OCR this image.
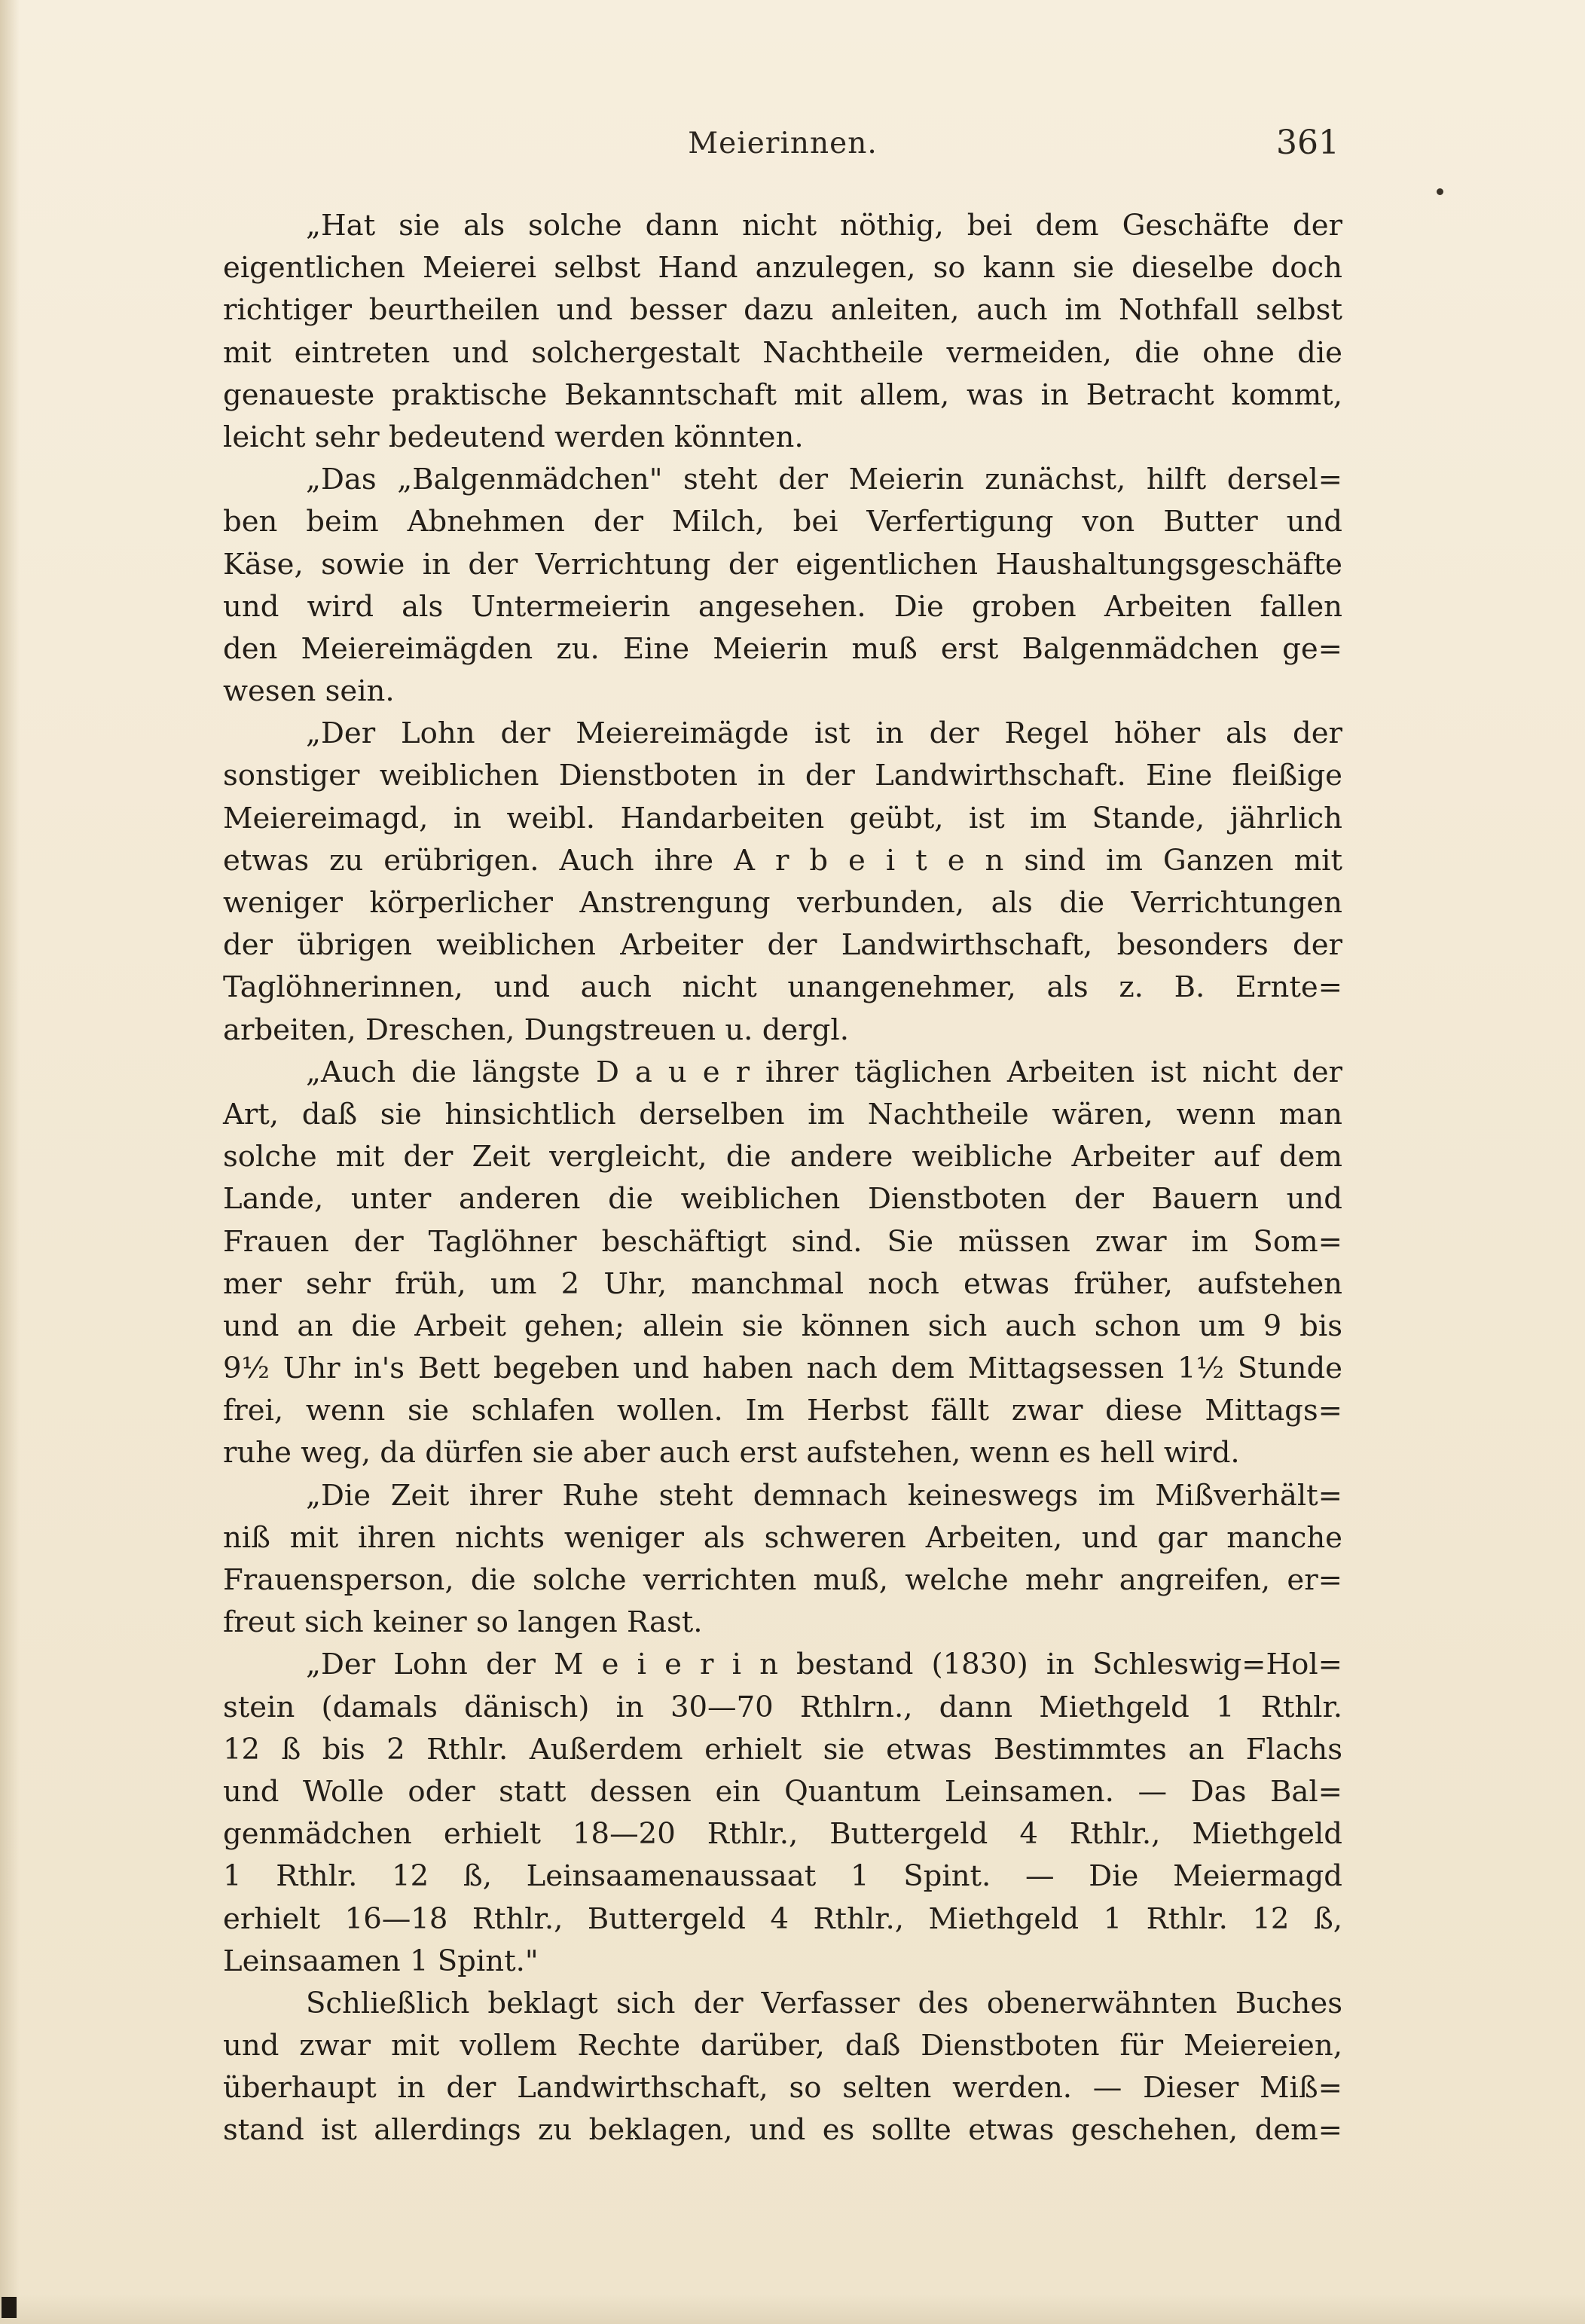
Meierinnen.	361
„Hat sie als solche dann nicht nöthig, bei dem Geschäfte der
eigentlichen Meierei selbst Hand anzulegen, so kann sie dieselbe doch
richtiger beurtheilen und besser dazu anleiten, auch im Nothfall selbst
mit eintreten und solchergestalt Nachtheile vermeiden, die ohne die
genaueste praktische Bekanntschaft mit allem, was in Betracht kommt,
leicht sehr bedeutend werden könnten.
„Das „Balgenmädchen" steht der Meierin zunächst, hilft dersel=
ben beim Abnehmen der Milch, bei Verfertigung von Butter und
Käse, sowie in der Verrichtung der eigentlichen Haushaltungsgeschäfte
und wird als Untermeierin angesehen. Die groben Arbeiten fallen
den Meiereimägden zu. Eine Meierin muß erst Balgenmädchen ge=
wesen sein.
„Der Lohn der Meiereimägde ist in der Regel höher als der
sonstiger weiblichen Dienstboten in der Landwirthschaft. Eine fleißige
Meiereimagd, in weibl. Handarbeiten geübt, ist im Stande, jährlich
etwas zu erübrigen. Auch ihre A r b e i t e n sind im Ganzen mit
weniger körperlicher Anstrengung verbunden, als die Verrichtungen
der übrigen weiblichen Arbeiter der Landwirthschaft, besonders der
Taglöhnerinnen, und auch nicht unangenehmer, als z. B. Ernte=
arbeiten, Dreschen, Dungstreuen u. dergl.
„Auch die längste D a u e r ihrer täglichen Arbeiten ist nicht der
Art, daß sie hinsichtlich derselben im Nachtheile wären, wenn man
solche mit der Zeit vergleicht, die andere weibliche Arbeiter auf dem
Lande, unter anderen die weiblichen Dienstboten der Bauern und
Frauen der Taglöhner beschäftigt sind. Sie müssen zwar im Som=
mer sehr früh, um 2 Uhr, manchmal noch etwas früher, aufstehen
und an die Arbeit gehen; allein sie können sich auch schon um 9 bis
9½ Uhr in's Bett begeben und haben nach dem Mittagsessen 1½ Stunde
frei, wenn sie schlafen wollen. Im Herbst fällt zwar diese Mittags=
ruhe weg, da dürfen sie aber auch erst aufstehen, wenn es hell wird.
„Die Zeit ihrer Ruhe steht demnach keineswegs im Mißverhält=
niß mit ihren nichts weniger als schweren Arbeiten, und gar manche
Frauensperson, die solche verrichten muß, welche mehr angreifen, er=
freut sich keiner so langen Rast.
„Der Lohn der M e i e r i n bestand (1830) in Schleswig=Hol=
stein (damals dänisch) in 30—70 Rthlrn., dann Miethgeld 1 Rthlr.
12 ß bis 2 Rthlr. Außerdem erhielt sie etwas Bestimmtes an Flachs
und Wolle oder statt dessen ein Quantum Leinsamen. — Das Bal=
genmädchen erhielt 18—20 Rthlr., Buttergeld 4 Rthlr., Miethgeld
1 Rthlr. 12 ß, Leinsaamenaussaat 1 Spint. — Die Meiermagd
erhielt 16—18 Rthlr., Buttergeld 4 Rthlr., Miethgeld 1 Rthlr. 12 ß,
Leinsaamen 1 Spint."
Schließlich beklagt sich der Verfasser des obenerwähnten Buches
und zwar mit vollem Rechte darüber, daß Dienstboten für Meiereien,
überhaupt in der Landwirthschaft, so selten werden. — Dieser Miß=
stand ist allerdings zu beklagen, und es sollte etwas geschehen, dem=
